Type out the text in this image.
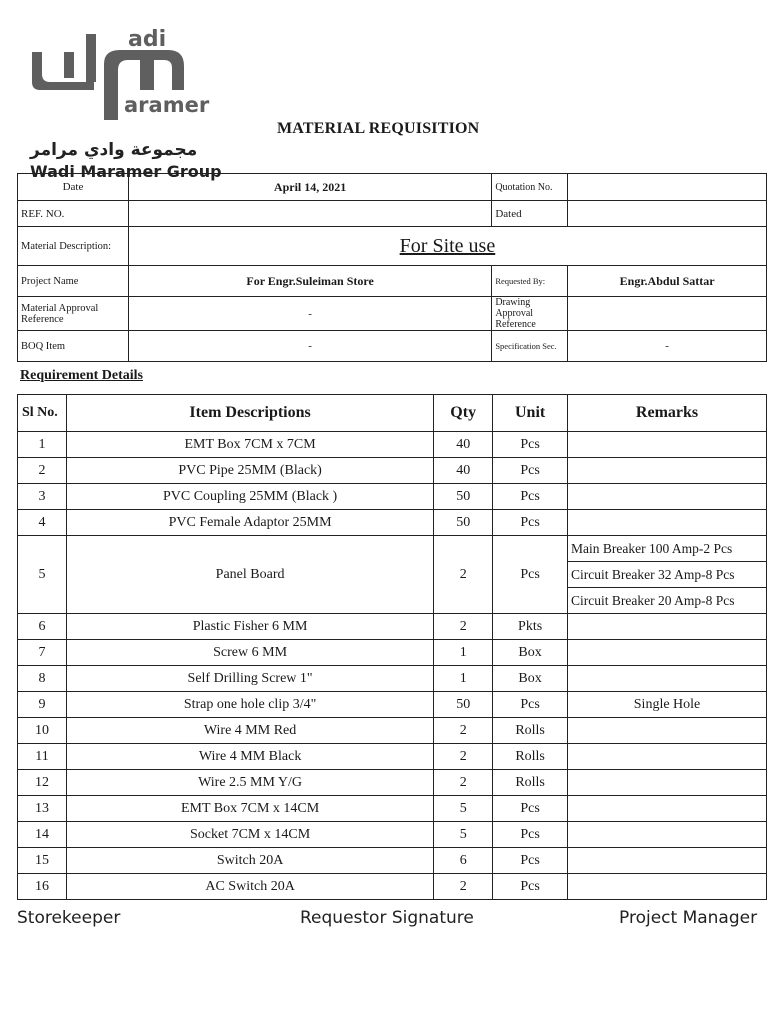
adi
aramer
مجموعة وادي مرامر
Wadi Maramer Group
MATERIAL REQUISITION
Date	April 14, 2021	Quotation No.	
REF. NO.		Dated	
Material Description:	For Site use		
Project Name	For Engr.Suleiman Store	Requested By:	Engr.Abdul Sattar
Material Approval Reference	-	Drawing Approval Reference	
BOQ Item	-	Specification Sec.	-
Requirement Details
Sl No.	Item Descriptions	Qty	Unit	Remarks
1	EMT Box 7CM x 7CM	40	Pcs	
2	PVC Pipe 25MM (Black)	40	Pcs	
3	PVC Coupling 25MM (Black )	50	Pcs	
4	PVC Female Adaptor 25MM	50	Pcs	
5	Panel Board	2	Pcs	Main Breaker 100 Amp-2 Pcs
				Circuit Breaker 32 Amp-8 Pcs
				Circuit Breaker 20 Amp-8 Pcs
6	Plastic Fisher 6 MM	2	Pkts	
7	Screw 6 MM	1	Box	
8	Self Drilling Screw 1"	1	Box	
9	Strap one hole clip 3/4"	50	Pcs	Single Hole
10	Wire 4 MM Red	2	Rolls	
11	Wire 4 MM Black	2	Rolls	
12	Wire 2.5 MM Y/G	2	Rolls	
13	EMT Box 7CM x 14CM	5	Pcs	
14	Socket 7CM x 14CM	5	Pcs	
15	Switch 20A	6	Pcs	
16	AC Switch 20A	2	Pcs	
Storekeeper	Requestor Signature	Project Manager
